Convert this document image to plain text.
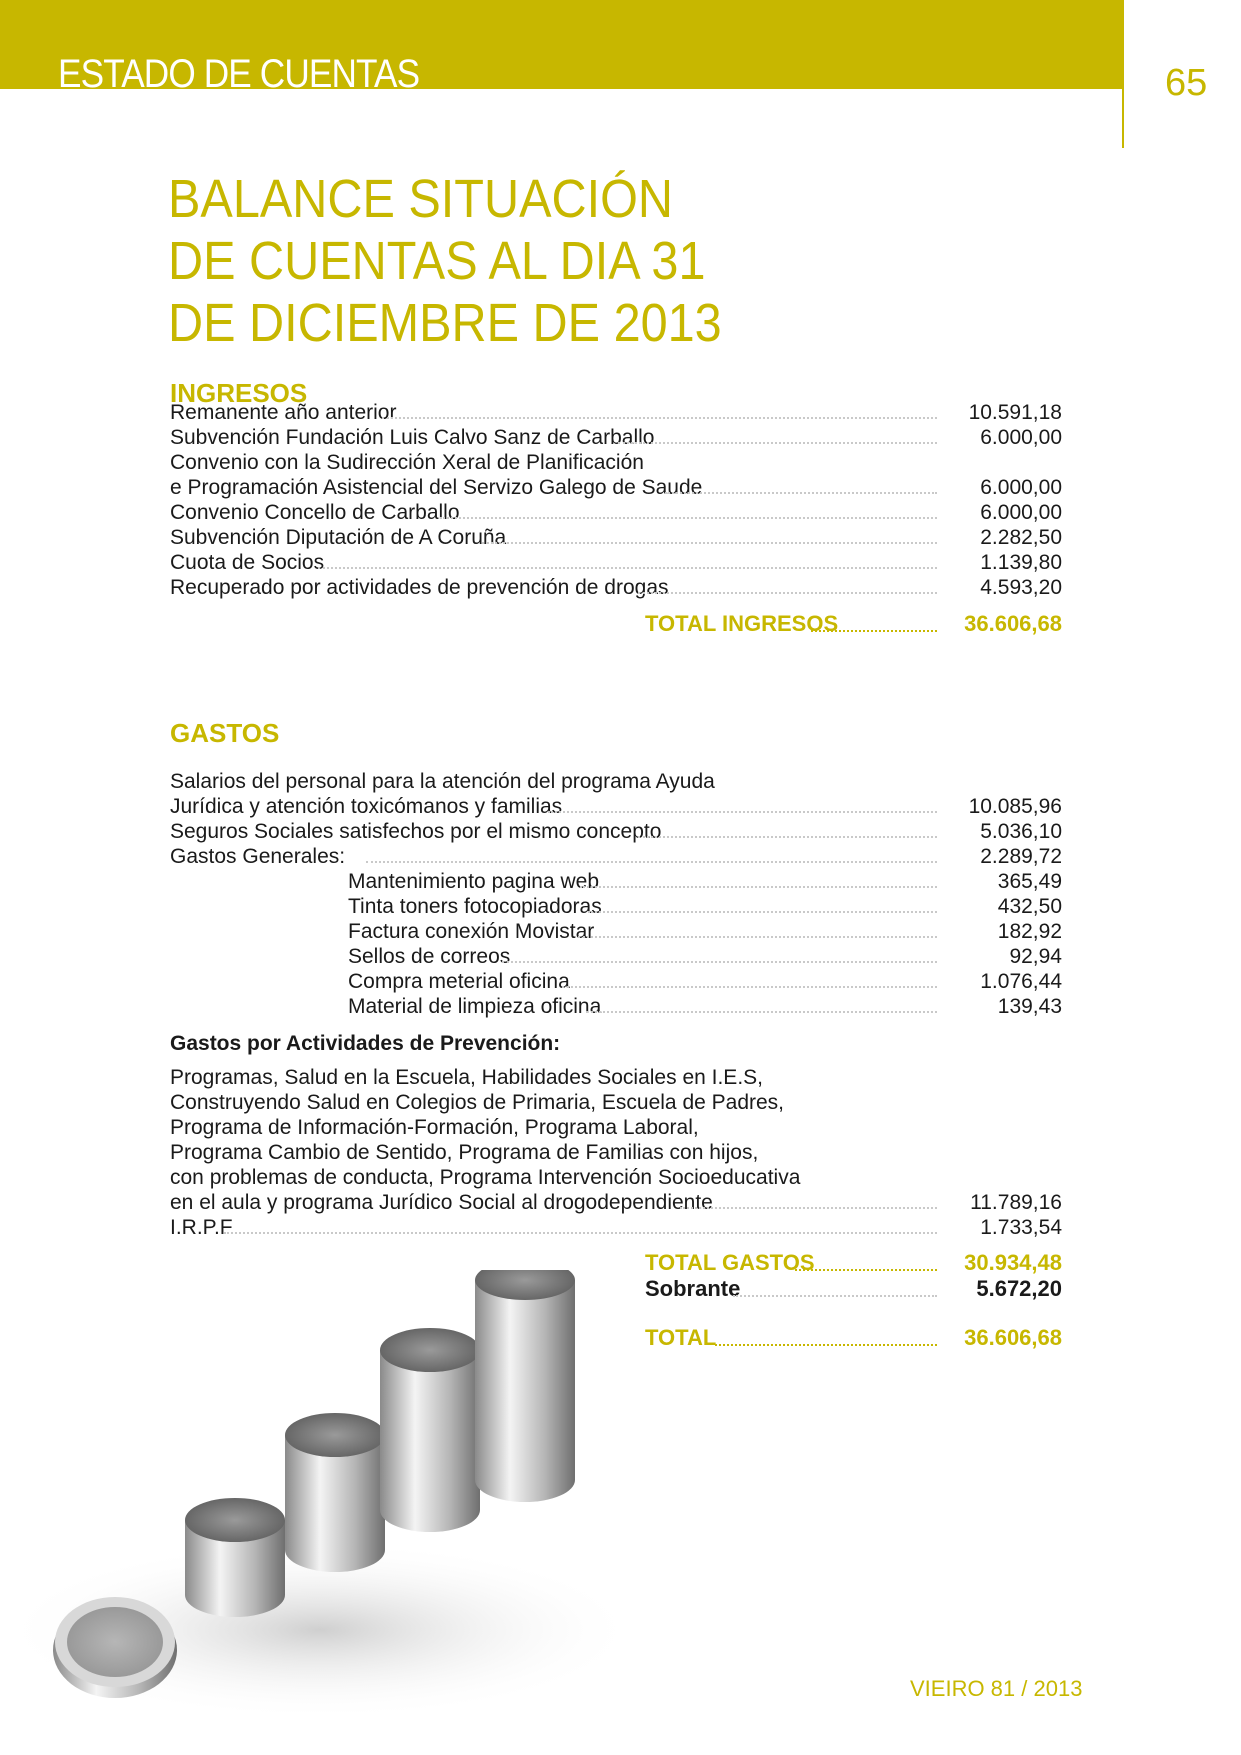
ESTADO DE CUENTAS	65
BALANCE SITUACIÓN
DE CUENTAS AL DIA 31
DE DICIEMBRE DE 2013
INGRESOS
Remanente año anterior	10.591,18
Subvención Fundación Luis Calvo Sanz de Carballo	6.000,00
Convenio con la Sudirección Xeral de Planificación
e Programación Asistencial del Servizo Galego de Saude	6.000,00
Convenio Concello de Carballo	6.000,00
Subvención Diputación de A Coruña	2.282,50
Cuota de Socios	1.139,80
Recuperado por actividades de prevención de drogas	4.593,20
TOTAL INGRESOS	36.606,68
GASTOS
Salarios del personal para la atención del programa Ayuda
Jurídica y atención toxicómanos y familias	10.085,96
Seguros Sociales satisfechos por el mismo concepto	5.036,10
Gastos Generales:	2.289,72
Mantenimiento pagina web	365,49
Tinta toners fotocopiadoras	432,50
Factura conexión Movistar	182,92
Sellos de correos	92,94
Compra meterial oficina	1.076,44
Material de limpieza oficina	139,43
Gastos por Actividades de Prevención:
Programas, Salud en la Escuela, Habilidades Sociales en I.E.S,
Construyendo Salud en Colegios de Primaria, Escuela de Padres,
Programa de Información-Formación, Programa Laboral,
Programa Cambio de Sentido, Programa de Familias con hijos,
con problemas de conducta, Programa Intervención Socioeducativa
en el aula y programa Jurídico Social al drogodependiente	11.789,16
I.R.P.F	1.733,54
TOTAL GASTOS	30.934,48
Sobrante	5.672,20
TOTAL	36.606,68
VIEIRO 81 / 2013
